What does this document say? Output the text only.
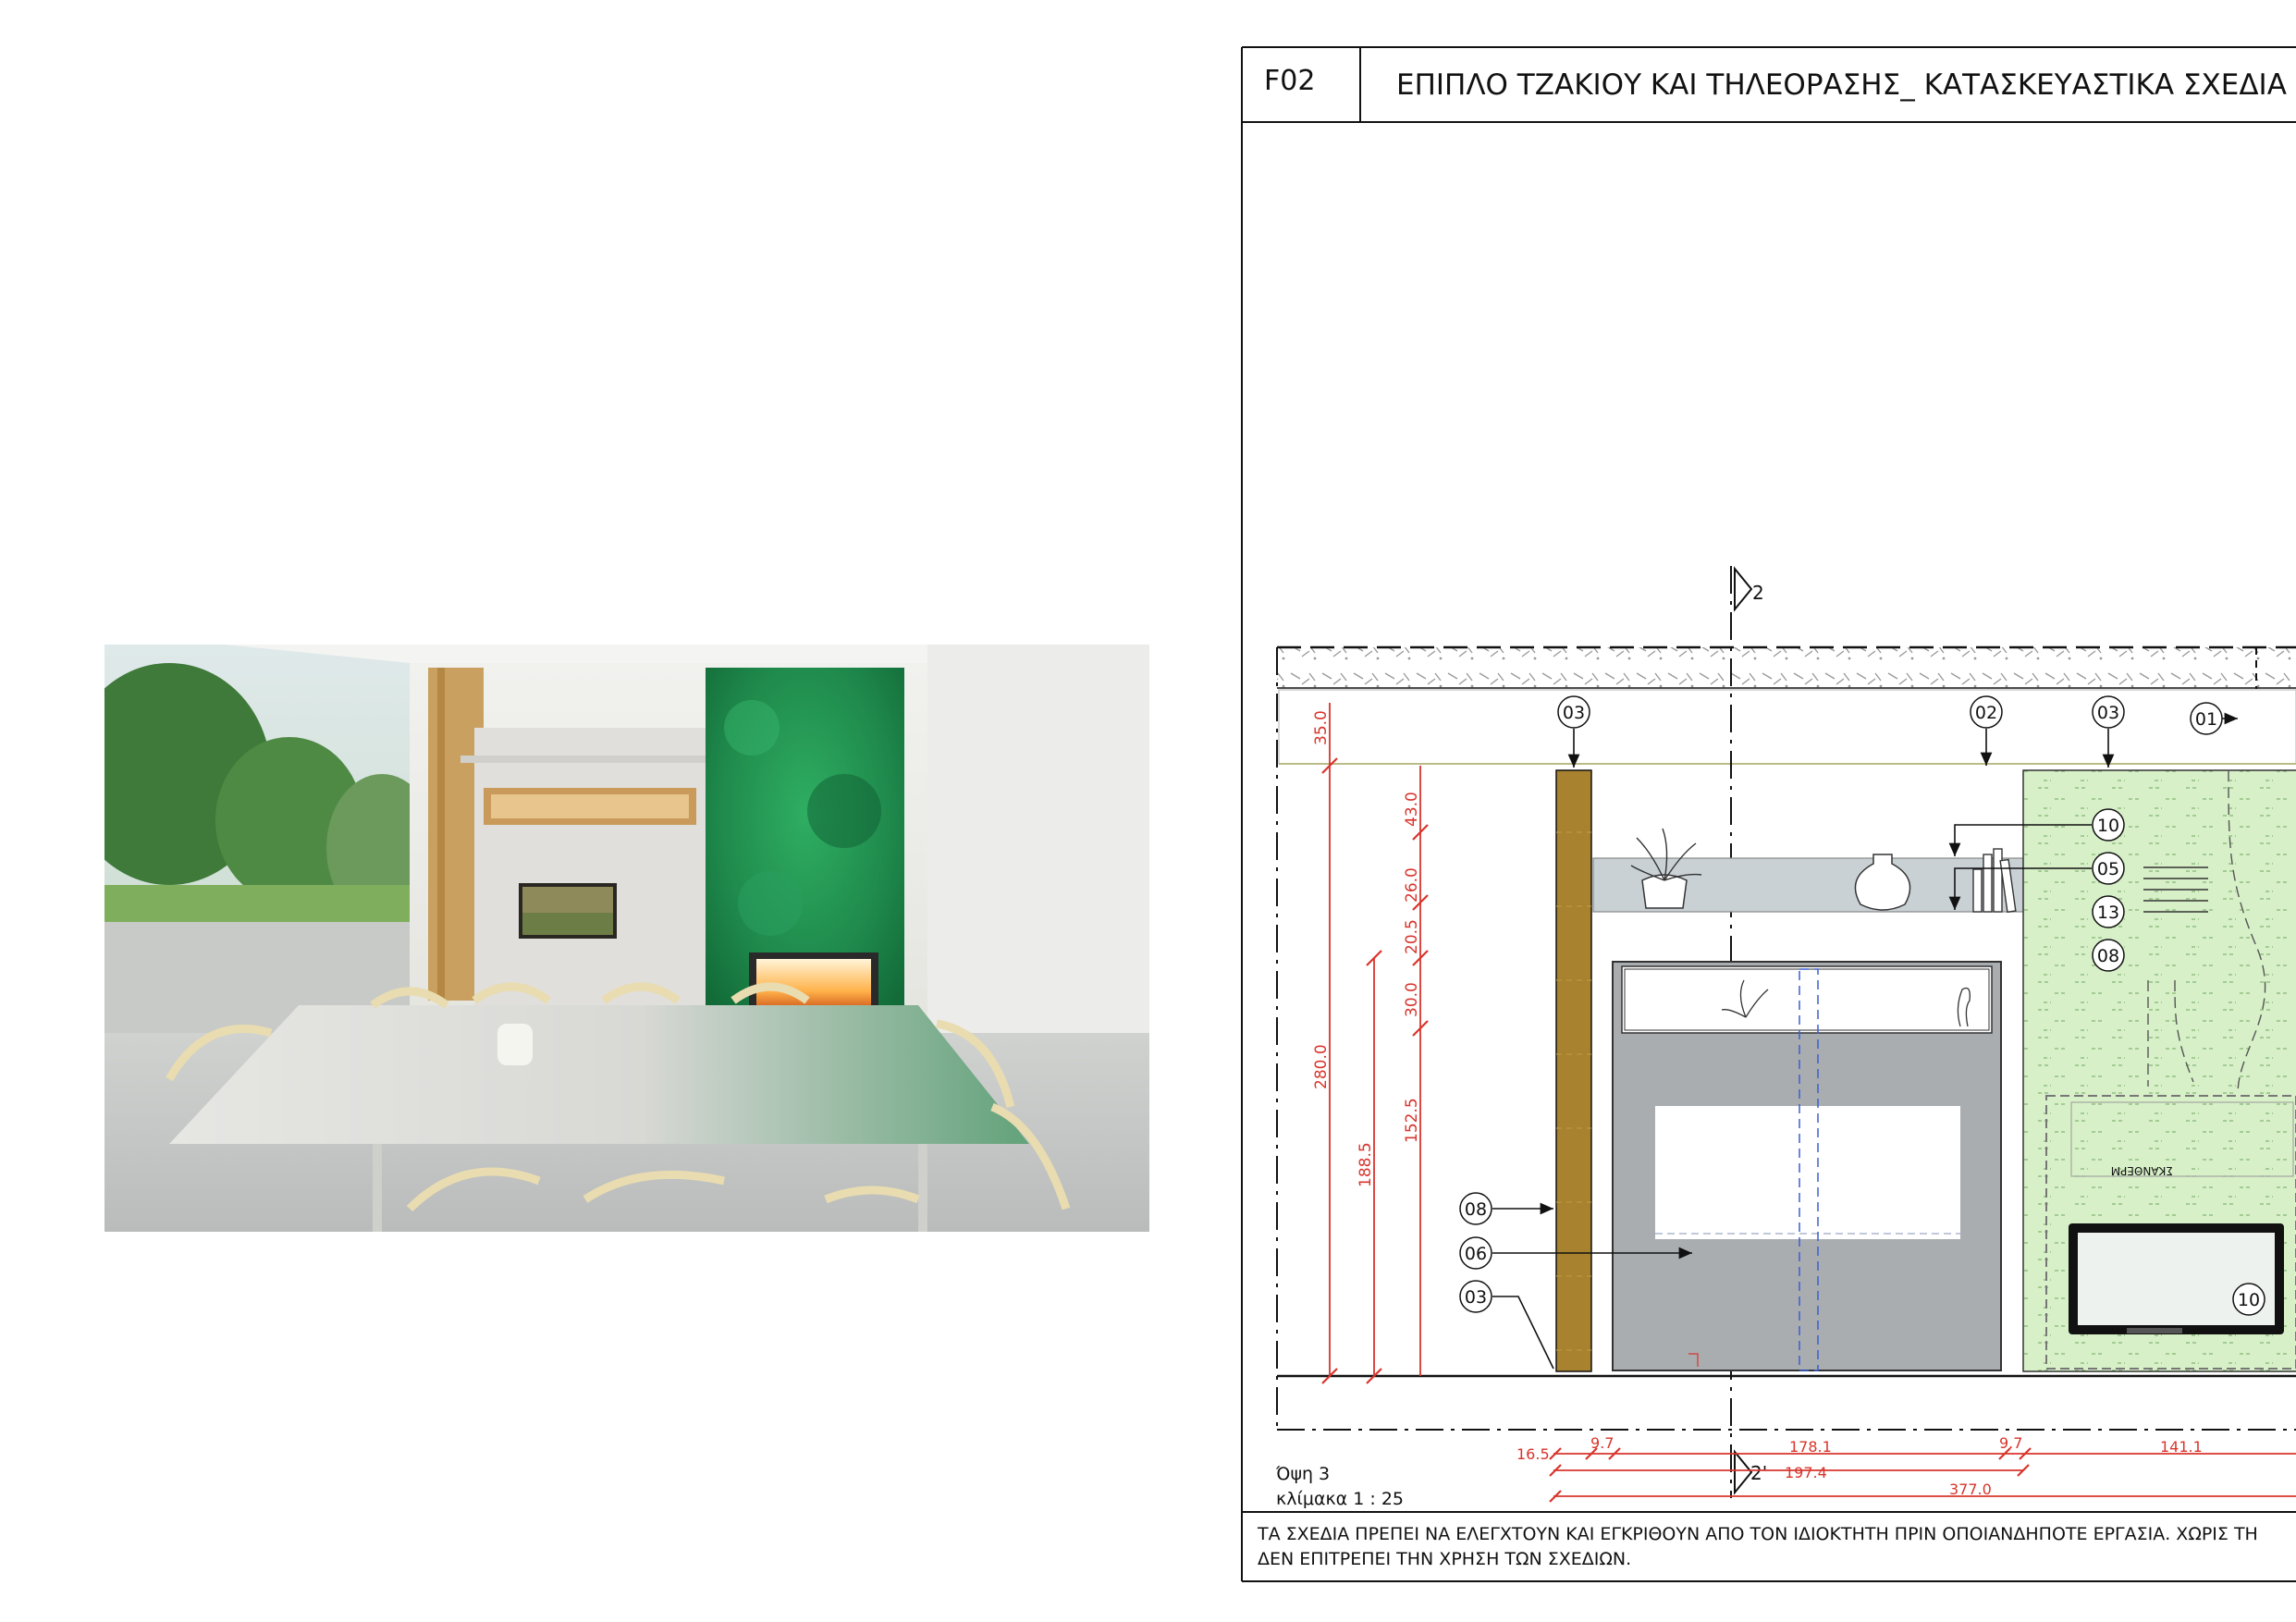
F02	ΕΠΙΠΛΟ ΤΖΑΚΙΟΥ ΚΑΙ ΤΗΛΕΟΡΑΣΗΣ_ ΚΑΤΑΣΚΕΥΑΣΤΙΚΑ ΣΧΕΔΙΑ
2
2'
ΣΚΑΝΘΕΡΜ
35.0
280.0
188.5
152.5
43.0
26.0
20.5
30.0
16.5
9.7	178.1	9.7	141.1
197.4
377.0
03	02	03	01
10
05
13
08
08
06
03	10
Όψη 3
κλίμακα 1 : 25
ΤΑ ΣΧΕΔΙΑ ΠΡΕΠΕΙ ΝΑ ΕΛΕΓΧΤΟΥΝ ΚΑΙ ΕΓΚΡΙΘΟΥΝ ΑΠΟ ΤΟΝ ΙΔΙΟΚΤΗΤΗ ΠΡΙΝ ΟΠΟΙΑΝΔΗΠΟΤΕ ΕΡΓΑΣΙΑ. ΧΩΡΙΣ ΤΗ
ΔΕΝ ΕΠΙΤΡΕΠΕΙ ΤΗΝ ΧΡΗΣΗ ΤΩΝ ΣΧΕΔΙΩΝ.
